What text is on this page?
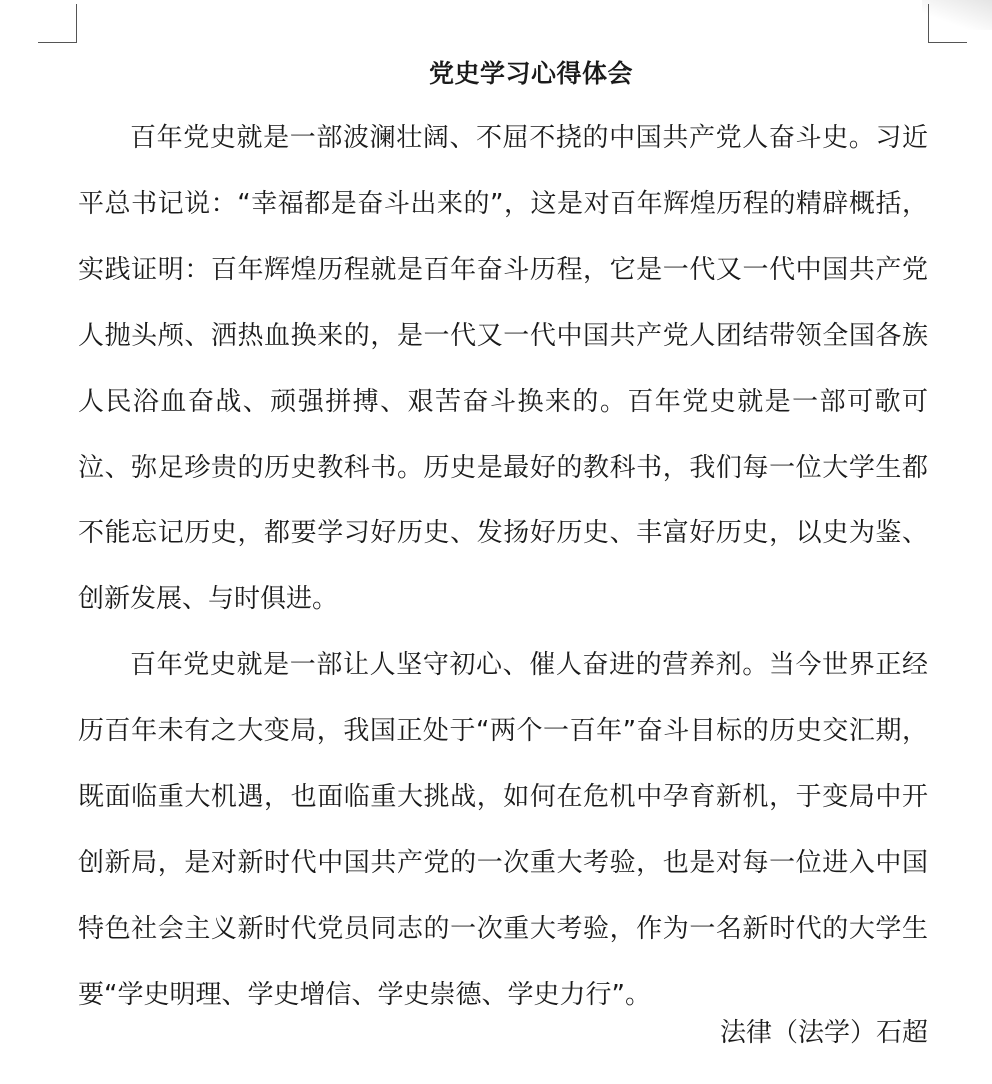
党史学习心得体会

百年党史就是一部波澜壮阔、不屈不挠的中国共产党人奋斗史。习近平总书记说：“幸福都是奋斗出来的”，这是对百年辉煌历程的精辟概括，实践证明：百年辉煌历程就是百年奋斗历程，它是一代又一代中国共产党人抛头颅、洒热血换来的，是一代又一代中国共产党人团结带领全国各族人民浴血奋战、顽强拼搏、艰苦奋斗换来的。百年党史就是一部可歌可泣、弥足珍贵的历史教科书。历史是最好的教科书，我们每一位大学生都不能忘记历史，都要学习好历史、发扬好历史、丰富好历史，以史为鉴、创新发展、与时俱进。

百年党史就是一部让人坚守初心、催人奋进的营养剂。当今世界正经历百年未有之大变局，我国正处于“两个一百年”奋斗目标的历史交汇期，既面临重大机遇，也面临重大挑战，如何在危机中孕育新机，于变局中开创新局，是对新时代中国共产党的一次重大考验，也是对每一位进入中国特色社会主义新时代党员同志的一次重大考验，作为一名新时代的大学生要“学史明理、学史增信、学史崇德、学史力行”。

法律（法学）石超
